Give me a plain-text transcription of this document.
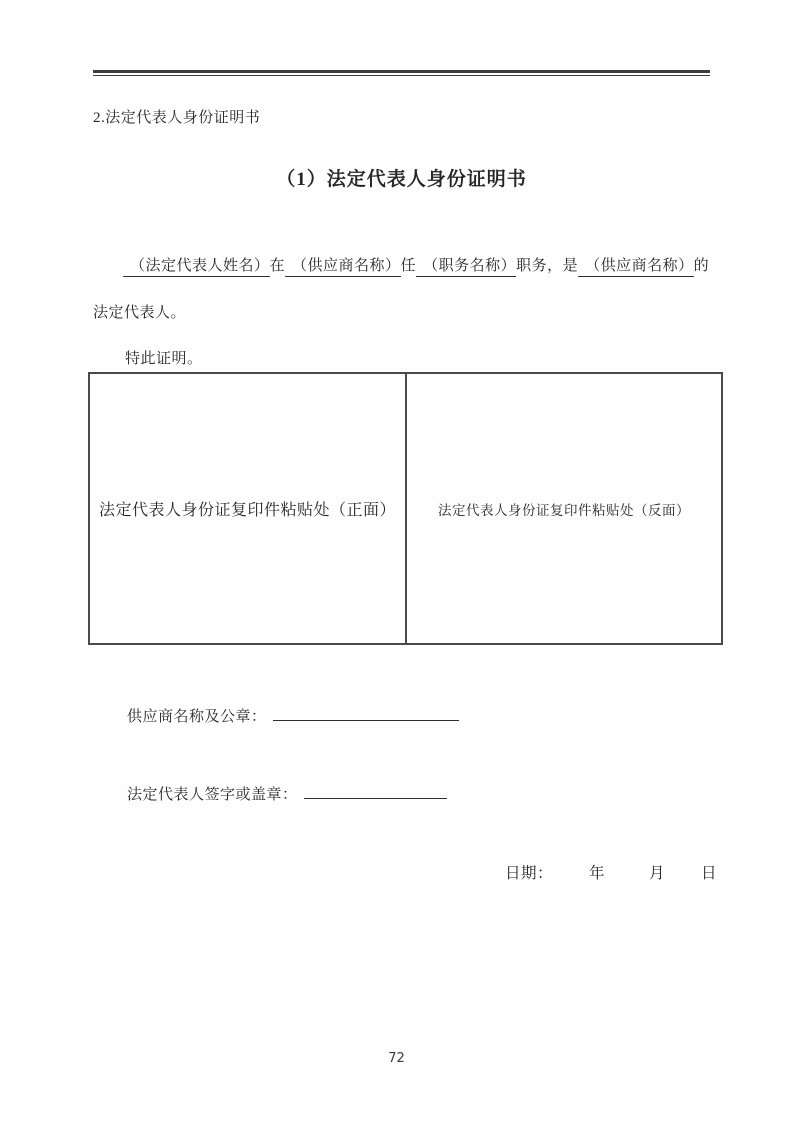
2.法定代表人身份证明书
（1）法定代表人身份证明书
（法定代表人姓名）在 （供应商名称）任 （职务名称）职务，是 （供应商名称）的
法定代表人。
特此证明。
法定代表人身份证复印件粘贴处（正面）	法定代表人身份证复印件粘贴处（反面）
供应商名称及公章：
法定代表人签字或盖章：
日期： 年	月 日
72
